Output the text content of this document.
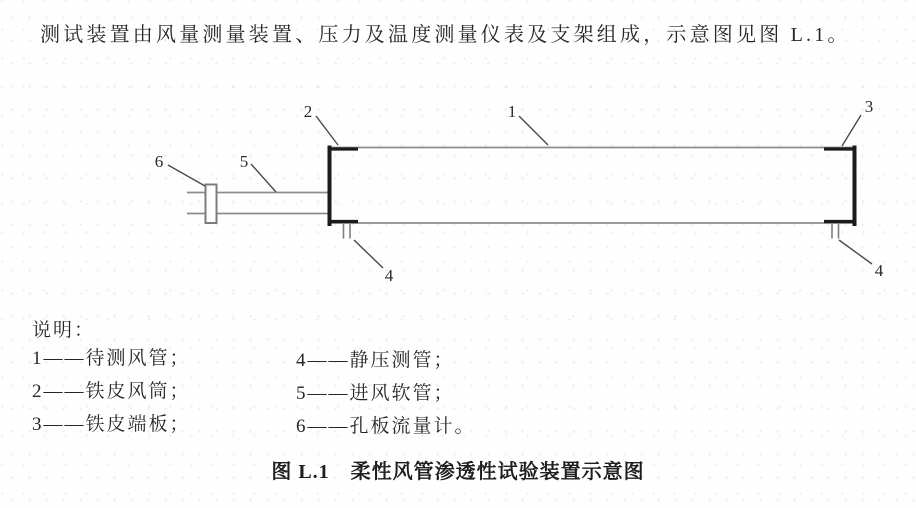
测试装置由风量测量装置、压力及温度测量仪表及支架组成，示意图见图 L.1。

1
2	3
4	4
5
6
说明：
1——待测风管；
2——铁皮风筒；
3——铁皮端板；
4——静压测管；
5——进风软管；
6——孔板流量计。
图 L.1　柔性风管渗透性试验装置示意图
